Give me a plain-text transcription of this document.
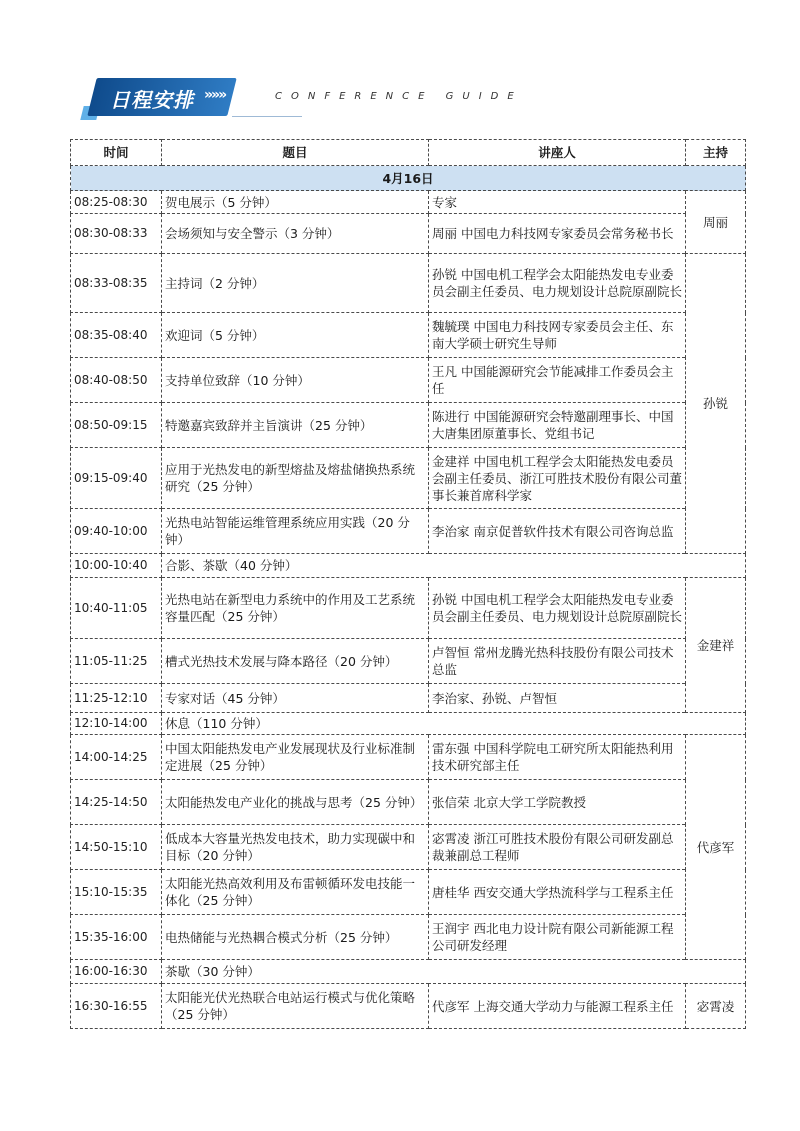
日程安排 »»»	CONFERENCE GUIDE
时间	题目	讲座人	主持
4月16日			
08:25-08:30	贺电展示（5 分钟）	专家	周丽
08:30-08:33	会场须知与安全警示（3 分钟）	周丽 中国电力科技网专家委员会常务秘书长	
08:33-08:35	主持词（2 分钟）	孙锐 中国电机工程学会太阳能热发电专业委员会副主任委员、电力规划设计总院原副院长	孙锐
08:35-08:40	欢迎词（5 分钟）	魏毓璞 中国电力科技网专家委员会主任、东南大学硕士研究生导师	
08:40-08:50	支持单位致辞（10 分钟）	王凡 中国能源研究会节能减排工作委员会主任	
08:50-09:15	特邀嘉宾致辞并主旨演讲（25 分钟）	陈进行 中国能源研究会特邀副理事长、中国大唐集团原董事长、党组书记	
09:15-09:40	应用于光热发电的新型熔盐及熔盐储换热系统研究（25 分钟）	金建祥 中国电机工程学会太阳能热发电委员会副主任委员、浙江可胜技术股份有限公司董事长兼首席科学家	
09:40-10:00	光热电站智能运维管理系统应用实践（20 分钟）	李治家 南京促普软件技术有限公司咨询总监	
10:00-10:40	合影、茶歇（40 分钟）		
10:40-11:05	光热电站在新型电力系统中的作用及工艺系统容量匹配（25 分钟）	孙锐 中国电机工程学会太阳能热发电专业委员会副主任委员、电力规划设计总院原副院长	金建祥
11:05-11:25	槽式光热技术发展与降本路径（20 分钟）	卢智恒 常州龙腾光热科技股份有限公司技术总监	
11:25-12:10	专家对话（45 分钟）	李治家、孙锐、卢智恒	
12:10-14:00	休息（110 分钟）		
14:00-14:25	中国太阳能热发电产业发展现状及行业标准制定进展（25 分钟）	雷东强 中国科学院电工研究所太阳能热利用技术研究部主任	代彦军
14:25-14:50	太阳能热发电产业化的挑战与思考（25 分钟）	张信荣 北京大学工学院教授	
14:50-15:10	低成本大容量光热发电技术，助力实现碳中和目标（20 分钟）	宓霄凌 浙江可胜技术股份有限公司研发副总裁兼副总工程师	
15:10-15:35	太阳能光热高效利用及布雷顿循环发电技能一体化（25 分钟）	唐桂华 西安交通大学热流科学与工程系主任	
15:35-16:00	电热储能与光热耦合模式分析（25 分钟）	王润宇 西北电力设计院有限公司新能源工程公司研发经理	
16:00-16:30	茶歇（30 分钟）		
16:30-16:55	太阳能光伏光热联合电站运行模式与优化策略（25 分钟）	代彦军 上海交通大学动力与能源工程系主任	宓霄凌
